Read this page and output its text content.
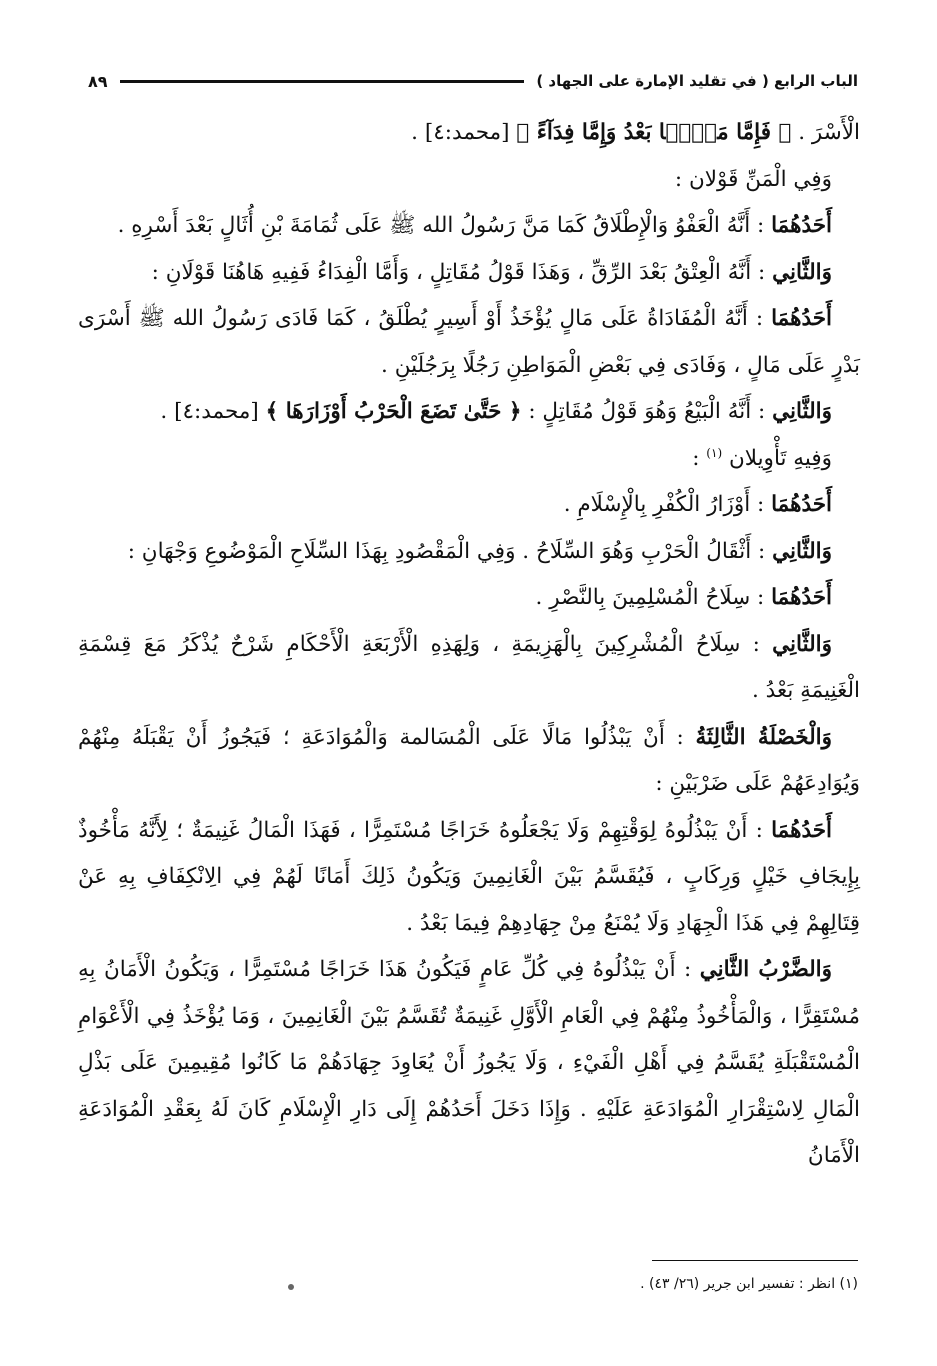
الباب الرابع ( في تقليد الإمارة على الجهاد )
٨٩

الْأَسْرَ . ﴿ فَإِمَّا مَنًّۢا بَعْدُ وَإِمَّا فِدَآءً ﴾ [محمد:٤] .

وَفِي الْمَنِّ قَوْلان :

أَحَدُهُمَا : أَنَّهُ الْعَفْوُ وَالْإِطْلَاقُ كَمَا مَنَّ رَسُولُ الله ﷺ عَلَى ثُمَامَةَ بْنِ أُثَالٍ بَعْدَ أَسْرِهِ .

وَالثَّانِي : أَنَّهُ الْعِتْقُ بَعْدَ الرِّقِّ ، وَهَذَا قَوْلُ مُقَاتِلٍ ، وَأَمَّا الْفِدَاءُ فَفِيهِ هَاهُنَا قَوْلَانِ :

أَحَدُهُمَا : أَنَّهُ الْمُفَادَاةُ عَلَى مَالٍ يُؤْخَذُ أَوْ أَسِيرٍ يُطْلَقُ ، كَمَا فَادَى رَسُولُ الله ﷺ أَسْرَى بَدْرٍ عَلَى مَالٍ ، وَفَادَى فِي بَعْضِ الْمَوَاطِنِ رَجُلًا بِرَجُلَيْنِ .

وَالثَّانِي : أَنَّهُ الْبَيْعُ وَهُوَ قَوْلُ مُقَاتِلٍ : ﴿ حَتَّىٰ تَضَعَ الْحَرْبُ أَوْزَارَهَا ﴾ [محمد:٤] .

وَفِيهِ تَأْوِيلان $^{(١)}$ :

أَحَدُهُمَا : أَوْزَارُ الْكُفْرِ بِالْإِسْلَامِ .

وَالثَّانِي : أَثْقَالُ الْحَرْبِ وَهُوَ السِّلَاحُ . وَفِي الْمَقْصُودِ بِهَذَا السِّلَاحِ الْمَوْضُوعِ وَجْهَانِ :

أَحَدُهُمَا : سِلَاحُ الْمُسْلِمِينَ بِالنَّصْرِ .

وَالثَّانِي : سِلَاحُ الْمُشْرِكِينَ بِالْهَزِيمَةِ ، وَلِهَذِهِ الْأَرْبَعَةِ الْأَحْكَامِ شَرْحٌ يُذْكَرُ مَعَ قِسْمَةِ الْغَنِيمَةِ بَعْدُ .

وَالْخَصْلَةُ الثَّالِثَةُ : أَنْ يَبْذُلُوا مَالًا عَلَى الْمُسَالمة وَالْمُوَادَعَةِ ؛ فَيَجُوزُ أَنْ يَقْبَلَهُ مِنْهُمْ وَيُوَادِعَهُمْ عَلَى ضَرْبَيْنِ :

أَحَدُهُمَا : أَنْ يَبْذُلُوهُ لِوَقْتِهِمْ وَلَا يَجْعَلُوهُ خَرَاجًا مُسْتَمِرًّا ، فَهَذَا الْمَالُ غَنِيمَةٌ ؛ لِأَنَّهُ مَأْخُوذٌ بِإِيجَافِ خَيْلٍ وَرِكَابٍ ، فَيُقَسَّمُ بَيْنَ الْغَانِمِينَ وَيَكُونُ ذَلِكَ أَمَانًا لَهُمْ فِي الِانْكِفَافِ بِهِ عَنْ قِتَالِهِمْ فِي هَذَا الْجِهَادِ وَلَا يُمْنَعُ مِنْ جِهَادِهِمْ فِيمَا بَعْدُ .

وَالضَّرْبُ الثَّانِي : أَنْ يَبْذُلُوهُ فِي كُلِّ عَامٍ فَيَكُونُ هَذَا خَرَاجًا مُسْتَمِرًّا ، وَيَكُونُ الْأَمَانُ بِهِ مُسْتَقِرًّا ، وَالْمَأْخُوذُ مِنْهُمْ فِي الْعَامِ الْأَوَّلِ غَنِيمَةٌ تُقَسَّمُ بَيْنَ الْغَانِمِينَ ، وَمَا يُؤْخَذُ فِي الْأَعْوَامِ الْمُسْتَقْبَلَةِ يُقَسَّمُ فِي أَهْلِ الْفَيْءِ ، وَلَا يَجُوزُ أَنْ يُعَاوِدَ جِهَادَهُمْ مَا كَانُوا مُقِيمِينَ عَلَى بَذْلِ الْمَالِ لِاسْتِقْرَارِ الْمُوَادَعَةِ عَلَيْهِ . وَإِذَا دَخَلَ أَحَدُهُمْ إِلَى دَارِ الْإِسْلَامِ كَانَ لَهُ بِعَقْدِ الْمُوَادَعَةِ الْأَمَانُ

(١) انظر : تفسير ابن جرير (٢٦/ ٤٣) .
